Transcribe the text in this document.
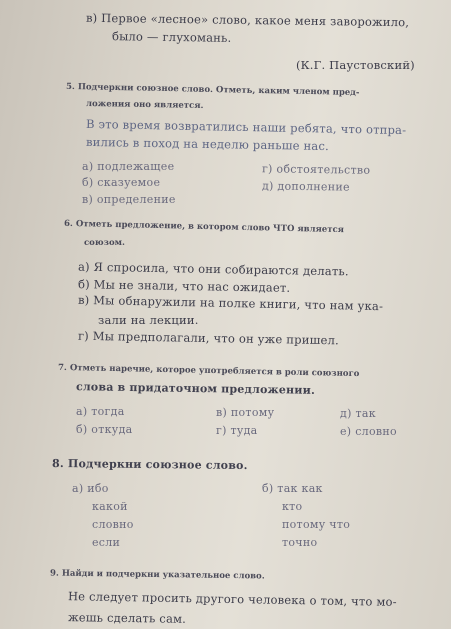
в) Первое «лесное» слово, какое меня заворожило,
было — глухомань.
(К.Г. Паустовский)
5. Подчеркни союзное слово. Отметь, каким членом пред-
ложения оно является.
В это время возвратились наши ребята, что отпра-
вились в поход на неделю раньше нас.
а) подлежащее
б) сказуемое
в) определение
г) обстоятельство
д) дополнение
6. Отметь предложение, в котором слово ЧТО является
союзом.
а) Я спросила, что они собираются делать.
б) Мы не знали, что нас ожидает.
в) Мы обнаружили на полке книги, что нам ука-
зали на лекции.
г) Мы предполагали, что он уже пришел.
7. Отметь наречие, которое употребляется в роли союзного
слова в придаточном предложении.
а) тогда
б) откуда
в) потому
г) туда
д) так
е) словно
8. Подчеркни союзное слово.
а) ибо
какой
словно
если
б) так как
кто
потому что
точно
9. Найди и подчеркни указательное слово.
Не следует просить другого человека о том, что мо-
жешь сделать сам.
